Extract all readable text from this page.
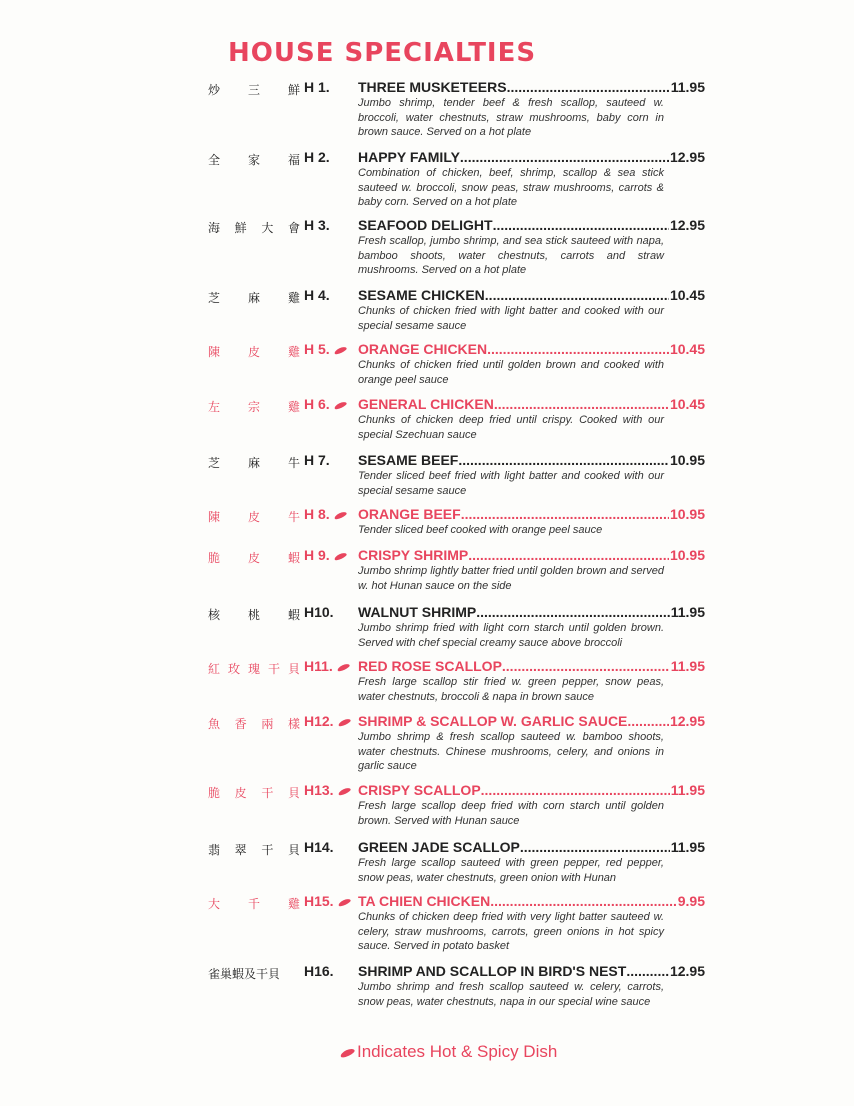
HOUSE SPECIALTIES
炒 三 鮮 H 1.	THREE MUSKETEERS .....	11.95

Jumbo shrimp, tender beef & fresh scallop, sauteed w. broccoli, water chestnuts, straw mushrooms, baby corn in brown sauce. Served on a hot plate

全 家 福 H 2.	HAPPY FAMILY .....	12.95

Combination of chicken, beef, shrimp, scallop & sea stick sauteed w. broccoli, snow peas, straw mushrooms, carrots & baby corn. Served on a hot plate

海 鮮 大 會 H 3.	SEAFOOD DELIGHT .....	12.95

Fresh scallop, jumbo shrimp, and sea stick sauteed with napa, bamboo shoots, water chestnuts, carrots and straw mushrooms. Served on a hot plate

芝 麻 雞 H 4.	SESAME CHICKEN .....	10.45

Chunks of chicken fried with light batter and cooked with our special sesame sauce

陳 皮 雞 H 5.	ORANGE CHICKEN .....	10.45

Chunks of chicken fried until golden brown and cooked with orange peel sauce

左 宗 雞 H 6.	GENERAL CHICKEN .....	10.45

Chunks of chicken deep fried until crispy. Cooked with our special Szechuan sauce

芝 麻 牛 H 7.	SESAME BEEF .....	10.95

Tender sliced beef fried with light batter and cooked with our special sesame sauce

陳 皮 牛 H 8.	ORANGE BEEF .....	10.95

Tender sliced beef cooked with orange peel sauce

脆 皮 蝦 H 9.	CRISPY SHRIMP .....	10.95

Jumbo shrimp lightly batter fried until golden brown and served w. hot Hunan sauce on the side

核 桃 蝦 H10.	WALNUT SHRIMP .....	11.95

Jumbo shrimp fried with light corn starch until golden brown. Served with chef special creamy sauce above broccoli

紅 玫 瑰 干 貝 H11.	RED ROSE SCALLOP .....	11.95

Fresh large scallop stir fried w. green pepper, snow peas, water chestnuts, broccoli & napa in brown sauce

魚 香 兩 樣 H12.	SHRIMP & SCALLOP W. GARLIC SAUCE .....	12.95

Jumbo shrimp & fresh scallop sauteed w. bamboo shoots, water chestnuts. Chinese mushrooms, celery, and onions in garlic sauce

脆 皮 干 貝 H13.	CRISPY SCALLOP .....	11.95

Fresh large scallop deep fried with corn starch until golden brown. Served with Hunan sauce

翡 翠 干 貝 H14.	GREEN JADE SCALLOP .....	11.95

Fresh large scallop sauteed with green pepper, red pepper, snow peas, water chestnuts, green onion with Hunan

大 千 雞 H15.	TA CHIEN CHICKEN .....	9.95

Chunks of chicken deep fried with very light batter sauteed w. celery, straw mushrooms, carrots, green onions in hot spicy sauce. Served in potato basket

雀巢蝦及干貝 H16.	SHRIMP AND SCALLOP IN BIRD'S NEST .....	12.95

Jumbo shrimp and fresh scallop sauteed w. celery, carrots, snow peas, water chestnuts, napa in our special wine sauce

Indicates Hot & Spicy Dish
